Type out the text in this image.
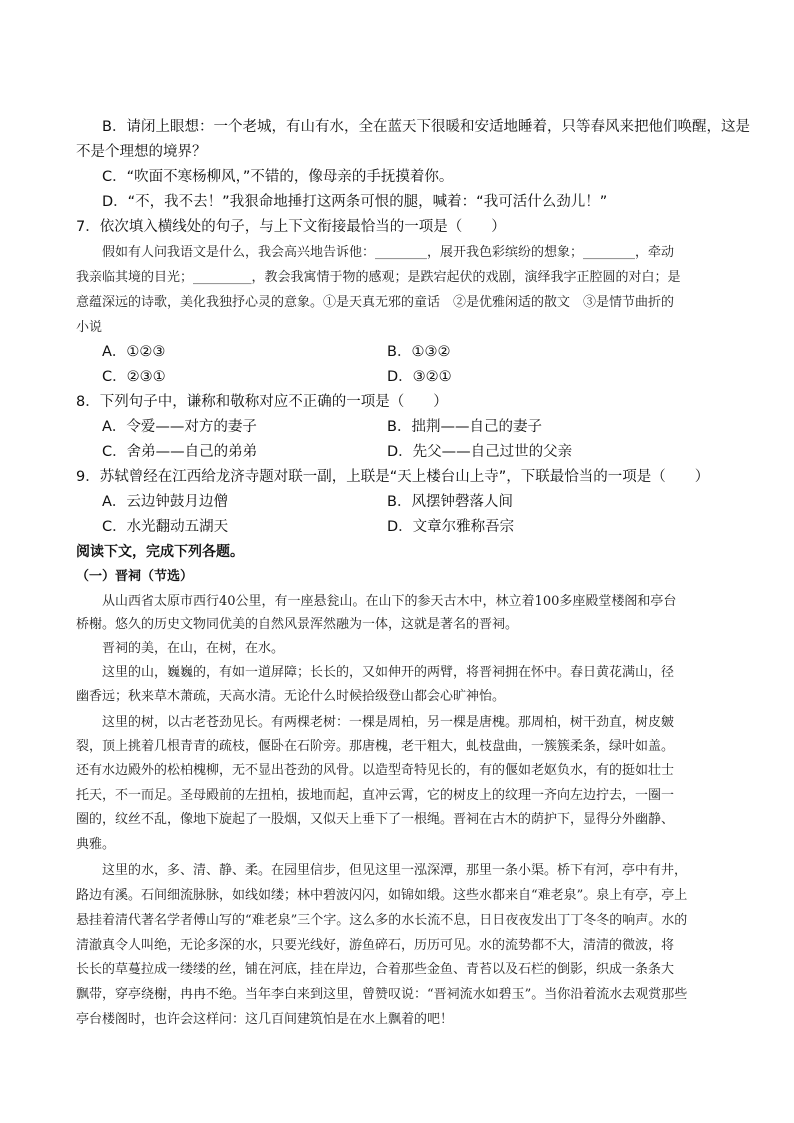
B．请闭上眼想：一个老城，有山有水，全在蓝天下很暖和安适地睡着，只等春风来把他们唤醒，这是
不是个理想的境界？
C．“吹面不寒杨柳风，”不错的，像母亲的手抚摸着你。
D．“不，我不去！”我狠命地捶打这两条可恨的腿，喊着：“我可活什么劲儿！”
7．依次填入横线处的句子，与上下文衔接最恰当的一项是（　　）
假如有人问我语文是什么，我会高兴地告诉他：________，展开我色彩缤纷的想象；________，牵动
我亲临其境的目光；_________，教会我寓情于物的感观；是跌宕起伏的戏剧，演绎我字正腔圆的对白；是
意蕴深远的诗歌，美化我独抒心灵的意象。①是天真无邪的童话　②是优雅闲适的散文　③是情节曲折的
小说
A．①②③	B．①③②
C．②③①	D．③②①
8．下列句子中，谦称和敬称对应不正确的一项是（　　）
A．令爱——对方的妻子	B．拙荆——自己的妻子
C．舍弟——自己的弟弟	D．先父——自己过世的父亲
9．苏轼曾经在江西给龙济寺题对联一副，上联是“天上楼台山上寺”，下联最恰当的一项是（　　）
A．云边钟鼓月边僧	B．风摆钟磬落人间
C．水光翻动五湖天	D．文章尔雅称吾宗
阅读下文，完成下列各题。
（一）晋祠（节选）
从山西省太原市西行40公里，有一座悬瓮山。在山下的参天古木中，林立着100多座殿堂楼阁和亭台
桥榭。悠久的历史文物同优美的自然风景浑然融为一体，这就是著名的晋祠。
晋祠的美，在山，在树，在水。
这里的山，巍巍的，有如一道屏障；长长的，又如伸开的两臂，将晋祠拥在怀中。春日黄花满山，径
幽香远；秋来草木萧疏，天高水清。无论什么时候拾级登山都会心旷神怡。
这里的树，以古老苍劲见长。有两棵老树：一棵是周柏，另一棵是唐槐。那周柏，树干劲直，树皮皴
裂，顶上挑着几根青青的疏枝，偃卧在石阶旁。那唐槐，老干粗大，虬枝盘曲，一簇簇柔条，绿叶如盖。
还有水边殿外的松柏槐柳，无不显出苍劲的风骨。以造型奇特见长的，有的偃如老妪负水，有的挺如壮士
托天，不一而足。圣母殿前的左扭柏，拔地而起，直冲云霄，它的树皮上的纹理一齐向左边拧去，一圈一
圈的，纹丝不乱，像地下旋起了一股烟，又似天上垂下了一根绳。晋祠在古木的荫护下，显得分外幽静、
典雅。
这里的水，多、清、静、柔。在园里信步，但见这里一泓深潭，那里一条小渠。桥下有河，亭中有井，
路边有溪。石间细流脉脉，如线如缕；林中碧波闪闪，如锦如缎。这些水都来自“难老泉”。泉上有亭，亭上
悬挂着清代著名学者傅山写的“难老泉”三个字。这么多的水长流不息，日日夜夜发出丁丁冬冬的响声。水的
清澈真令人叫绝，无论多深的水，只要光线好，游鱼碎石，历历可见。水的流势都不大，清清的微波，将
长长的草蔓拉成一缕缕的丝，铺在河底，挂在岸边，合着那些金鱼、青苔以及石栏的倒影，织成一条条大
飘带，穿亭绕榭，冉冉不绝。当年李白来到这里，曾赞叹说：“晋祠流水如碧玉”。当你沿着流水去观赏那些
亭台楼阁时，也许会这样问：这几百间建筑怕是在水上飘着的吧！
